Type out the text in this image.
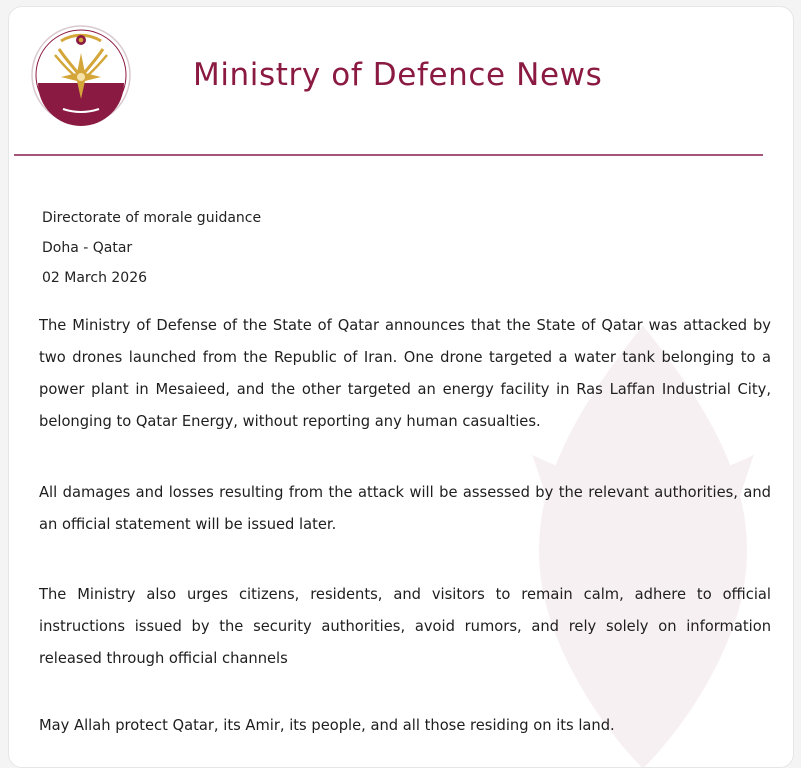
Ministry of Defence News
Directorate of morale guidance
Doha - Qatar
02 March 2026

The Ministry of Defense of the State of Qatar announces that the State of Qatar was attacked by two drones launched from the Republic of Iran. One drone targeted a water tank belonging to a power plant in Mesaieed, and the other targeted an energy facility in Ras Laffan Industrial City, belonging to Qatar Energy, without reporting any human casualties.

All damages and losses resulting from the attack will be assessed by the relevant authorities, and an official statement will be issued later.

The Ministry also urges citizens, residents, and visitors to remain calm, adhere to official instructions issued by the security authorities, avoid rumors, and rely solely on information released through official channels

May Allah protect Qatar, its Amir, its people, and all those residing on its land.
